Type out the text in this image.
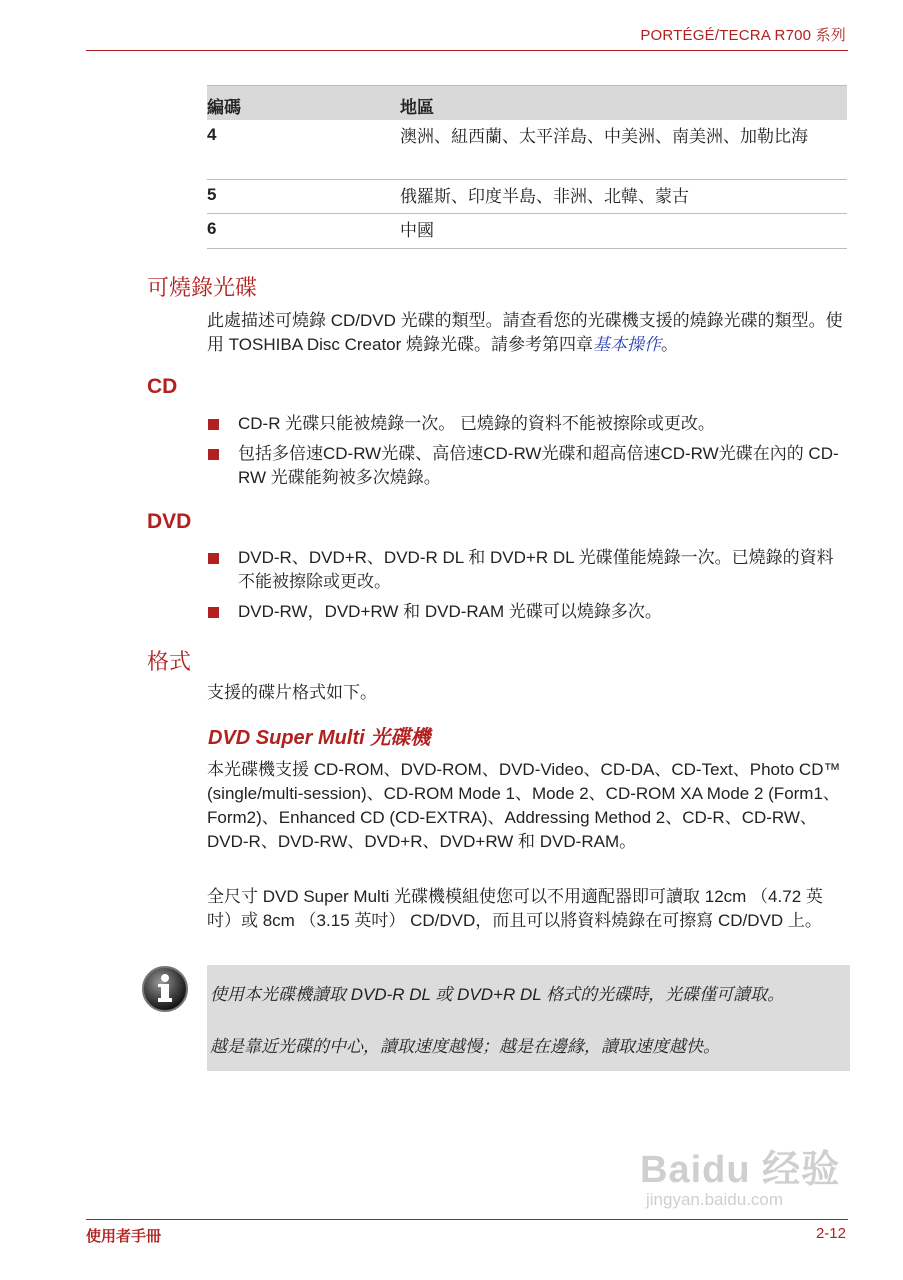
PORTÉGÉ/TECRA R700 系列
編碼	地區
4	澳洲、紐西蘭、太平洋島、中美洲、南美洲、加勒比海
5	俄羅斯、印度半島、非洲、北韓、蒙古
6	中國
可燒錄光碟
此處描述可燒錄 CD/DVD 光碟的類型。請查看您的光碟機支援的燒錄光碟的類型。使用 TOSHIBA Disc Creator 燒錄光碟。請參考第四章基本操作。
CD
CD-R 光碟只能被燒錄一次。 已燒錄的資料不能被擦除或更改。
包括多倍速CD-RW光碟、高倍速CD-RW光碟和超高倍速CD-RW光碟在內的 CD-RW 光碟能夠被多次燒錄。
DVD
DVD-R、DVD+R、DVD-R DL 和 DVD+R DL 光碟僅能燒錄一次。已燒錄的資料不能被擦除或更改。
DVD-RW，DVD+RW 和 DVD-RAM 光碟可以燒錄多次。
格式
支援的碟片格式如下。
DVD Super Multi 光碟機
本光碟機支援 CD-ROM、DVD-ROM、DVD-Video、CD-DA、CD-Text、Photo CD™ (single/multi-session)、CD-ROM Mode 1、Mode 2、CD-ROM XA Mode 2 (Form1、Form2)、Enhanced CD (CD-EXTRA)、Addressing Method 2、CD-R、CD-RW、DVD-R、DVD-RW、DVD+R、DVD+RW 和 DVD-RAM。
全尺寸 DVD Super Multi 光碟機模組使您可以不用適配器即可讀取 12cm （4.72 英吋）或 8cm （3.15 英吋） CD/DVD，而且可以將資料燒錄在可擦寫 CD/DVD 上。
使用本光碟機讀取 DVD-R DL 或 DVD+R DL 格式的光碟時，光碟僅可讀取。
越是靠近光碟的中心，讀取速度越慢；越是在邊緣，讀取速度越快。
Baidu 经验
jingyan.baidu.com
使用者手冊	2-12
